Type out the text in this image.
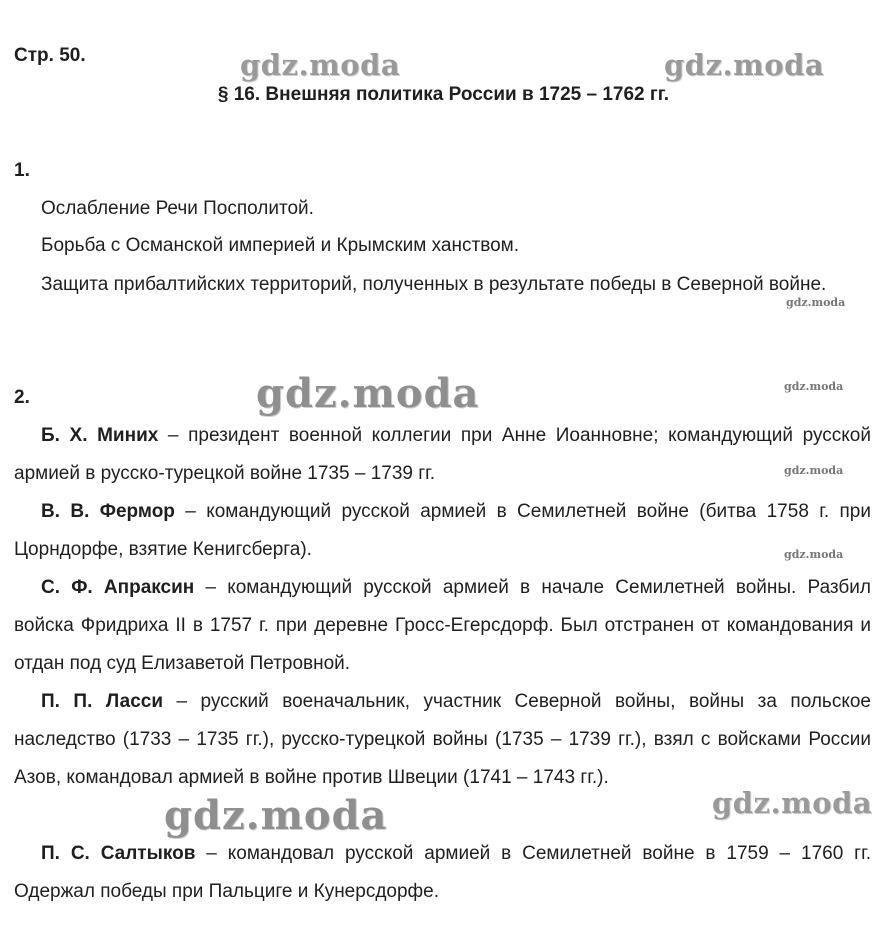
Стр. 50.
§ 16. Внешняя политика России в 1725 – 1762 гг.
1.
Ослабление Речи Посполитой.
Борьба с Османской империей и Крымским ханством.

Защита прибалтийских территорий, полученных в результате победы в Северной войне.

2.

Б. Х. Миних – президент военной коллегии при Анне Иоанновне; командующий русской армией в русско-турецкой войне 1735 – 1739 гг.

В. В. Фермор – командующий русской армией в Семилетней войне (битва 1758 г. при Цорндорфе, взятие Кенигсберга).

С. Ф. Апраксин – командующий русской армией в начале Семилетней войны. Разбил войска Фридриха II в 1757 г. при деревне Гросс-Егерсдорф. Был отстранен от командования и отдан под суд Елизаветой Петровной.

П. П. Ласси – русский военачальник, участник Северной войны, войны за польское наследство (1733 – 1735 гг.), русско-турецкой войны (1735 – 1739 гг.), взял с войсками России Азов, командовал армией в войне против Швеции (1741 – 1743 гг.).

П. С. Салтыков – командовал русской армией в Семилетней войне в 1759 – 1760 гг. Одержал победы при Пальциге и Кунерсдорфе.

gdz.moda	gdz.moda
gdz.moda
gdz.moda	gdz.moda
gdz.moda
gdz.moda
gdz.moda
gdz.moda
